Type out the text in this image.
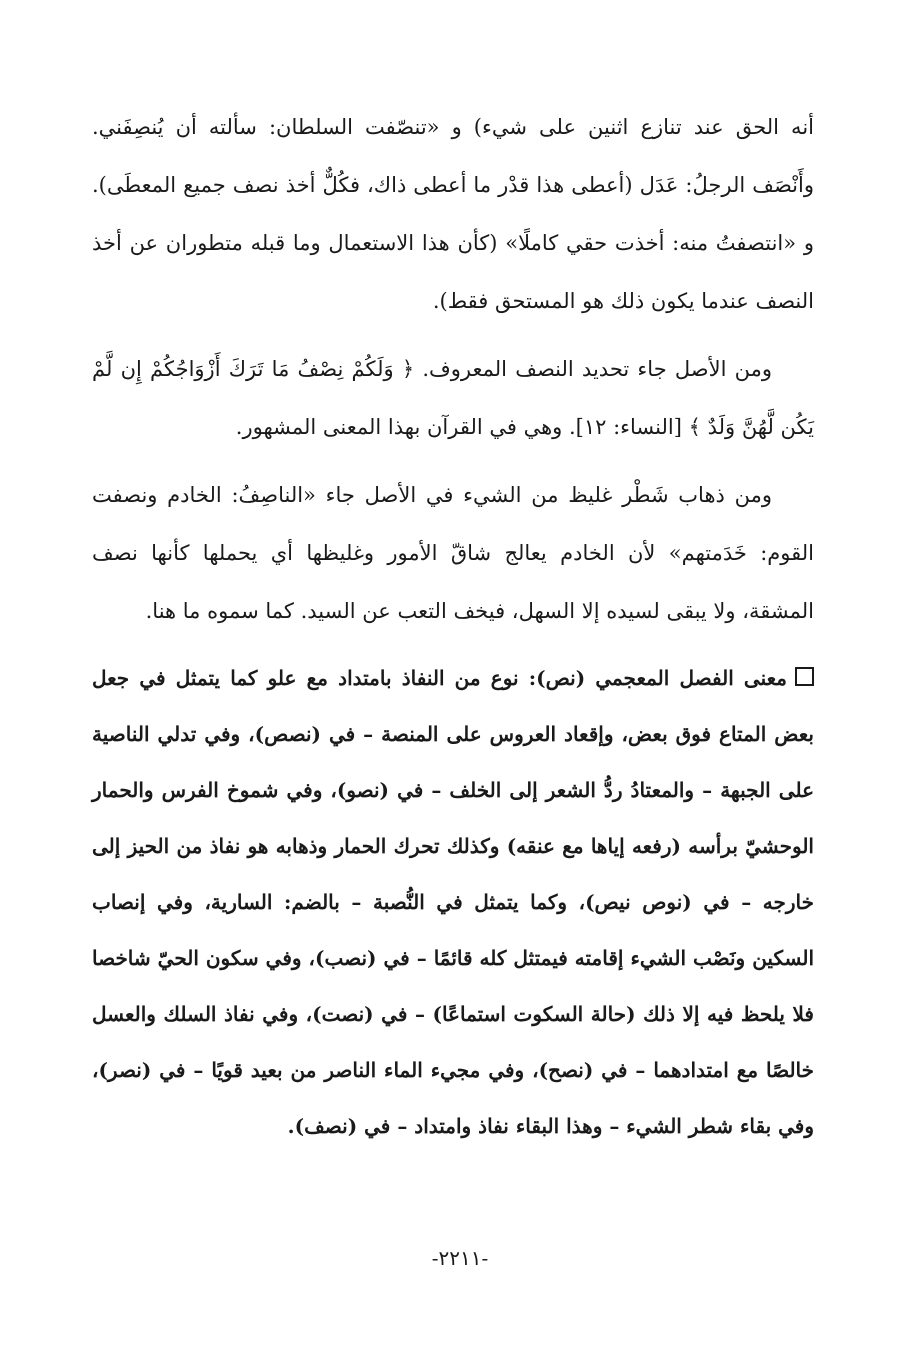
أنه الحق عند تنازع اثنين على شيء) و «تنصّفت السلطان: سألته أن يُنصِفَني. وأَنْصَف الرجلُ: عَدَل (أعطى هذا قدْر ما أعطى ذاك، فكُلٌّ أخذ نصف جميع المعطَى). و «انتصفتُ منه: أخذت حقي كاملًا» (كأن هذا الاستعمال وما قبله متطوران عن أخذ النصف عندما يكون ذلك هو المستحق فقط).

ومن الأصل جاء تحديد النصف المعروف. ﴿ وَلَكُمْ نِصْفُ مَا تَرَكَ أَزْوَاجُكُمْ إِن لَّمْ يَكُن لَّهُنَّ وَلَدٌ ﴾ [النساء: ١٢]. وهي في القرآن بهذا المعنى المشهور.

ومن ذهاب شَطْر غليظ من الشيء في الأصل جاء «الناصِفُ: الخادم ونصفت القوم: خَدَمتهم» لأن الخادم يعالج شاقّ الأمور وغليظها أي يحملها كأنها نصف المشقة، ولا يبقى لسيده إلا السهل، فيخف التعب عن السيد. كما سموه ما هنا.

معنى الفصل المعجمي (نص): نوع من النفاذ بامتداد مع علو كما يتمثل في جعل بعض المتاع فوق بعض، وإقعاد العروس على المنصة – في (نصص)، وفي تدلي الناصية على الجبهة – والمعتادُ ردُّ الشعر إلى الخلف – في (نصو)، وفي شموخ الفرس والحمار الوحشيّ برأسه (رفعه إياها مع عنقه) وكذلك تحرك الحمار وذهابه هو نفاذ من الحيز إلى خارجه – في (نوص نيص)، وكما يتمثل في النُّصبة – بالضم: السارية، وفي إنصاب السكين ونَصْب الشيء إقامته فيمتثل كله قائمًا – في (نصب)، وفي سكون الحيّ شاخصا فلا يلحظ فيه إلا ذلك (حالة السكوت استماعًا) – في (نصت)، وفي نفاذ السلك والعسل خالصًا مع امتدادهما – في (نصح)، وفي مجيء الماء الناصر من بعيد قويًا – في (نصر)، وفي بقاء شطر الشيء – وهذا البقاء نفاذ وامتداد – في (نصف).

-٢٢١١-
